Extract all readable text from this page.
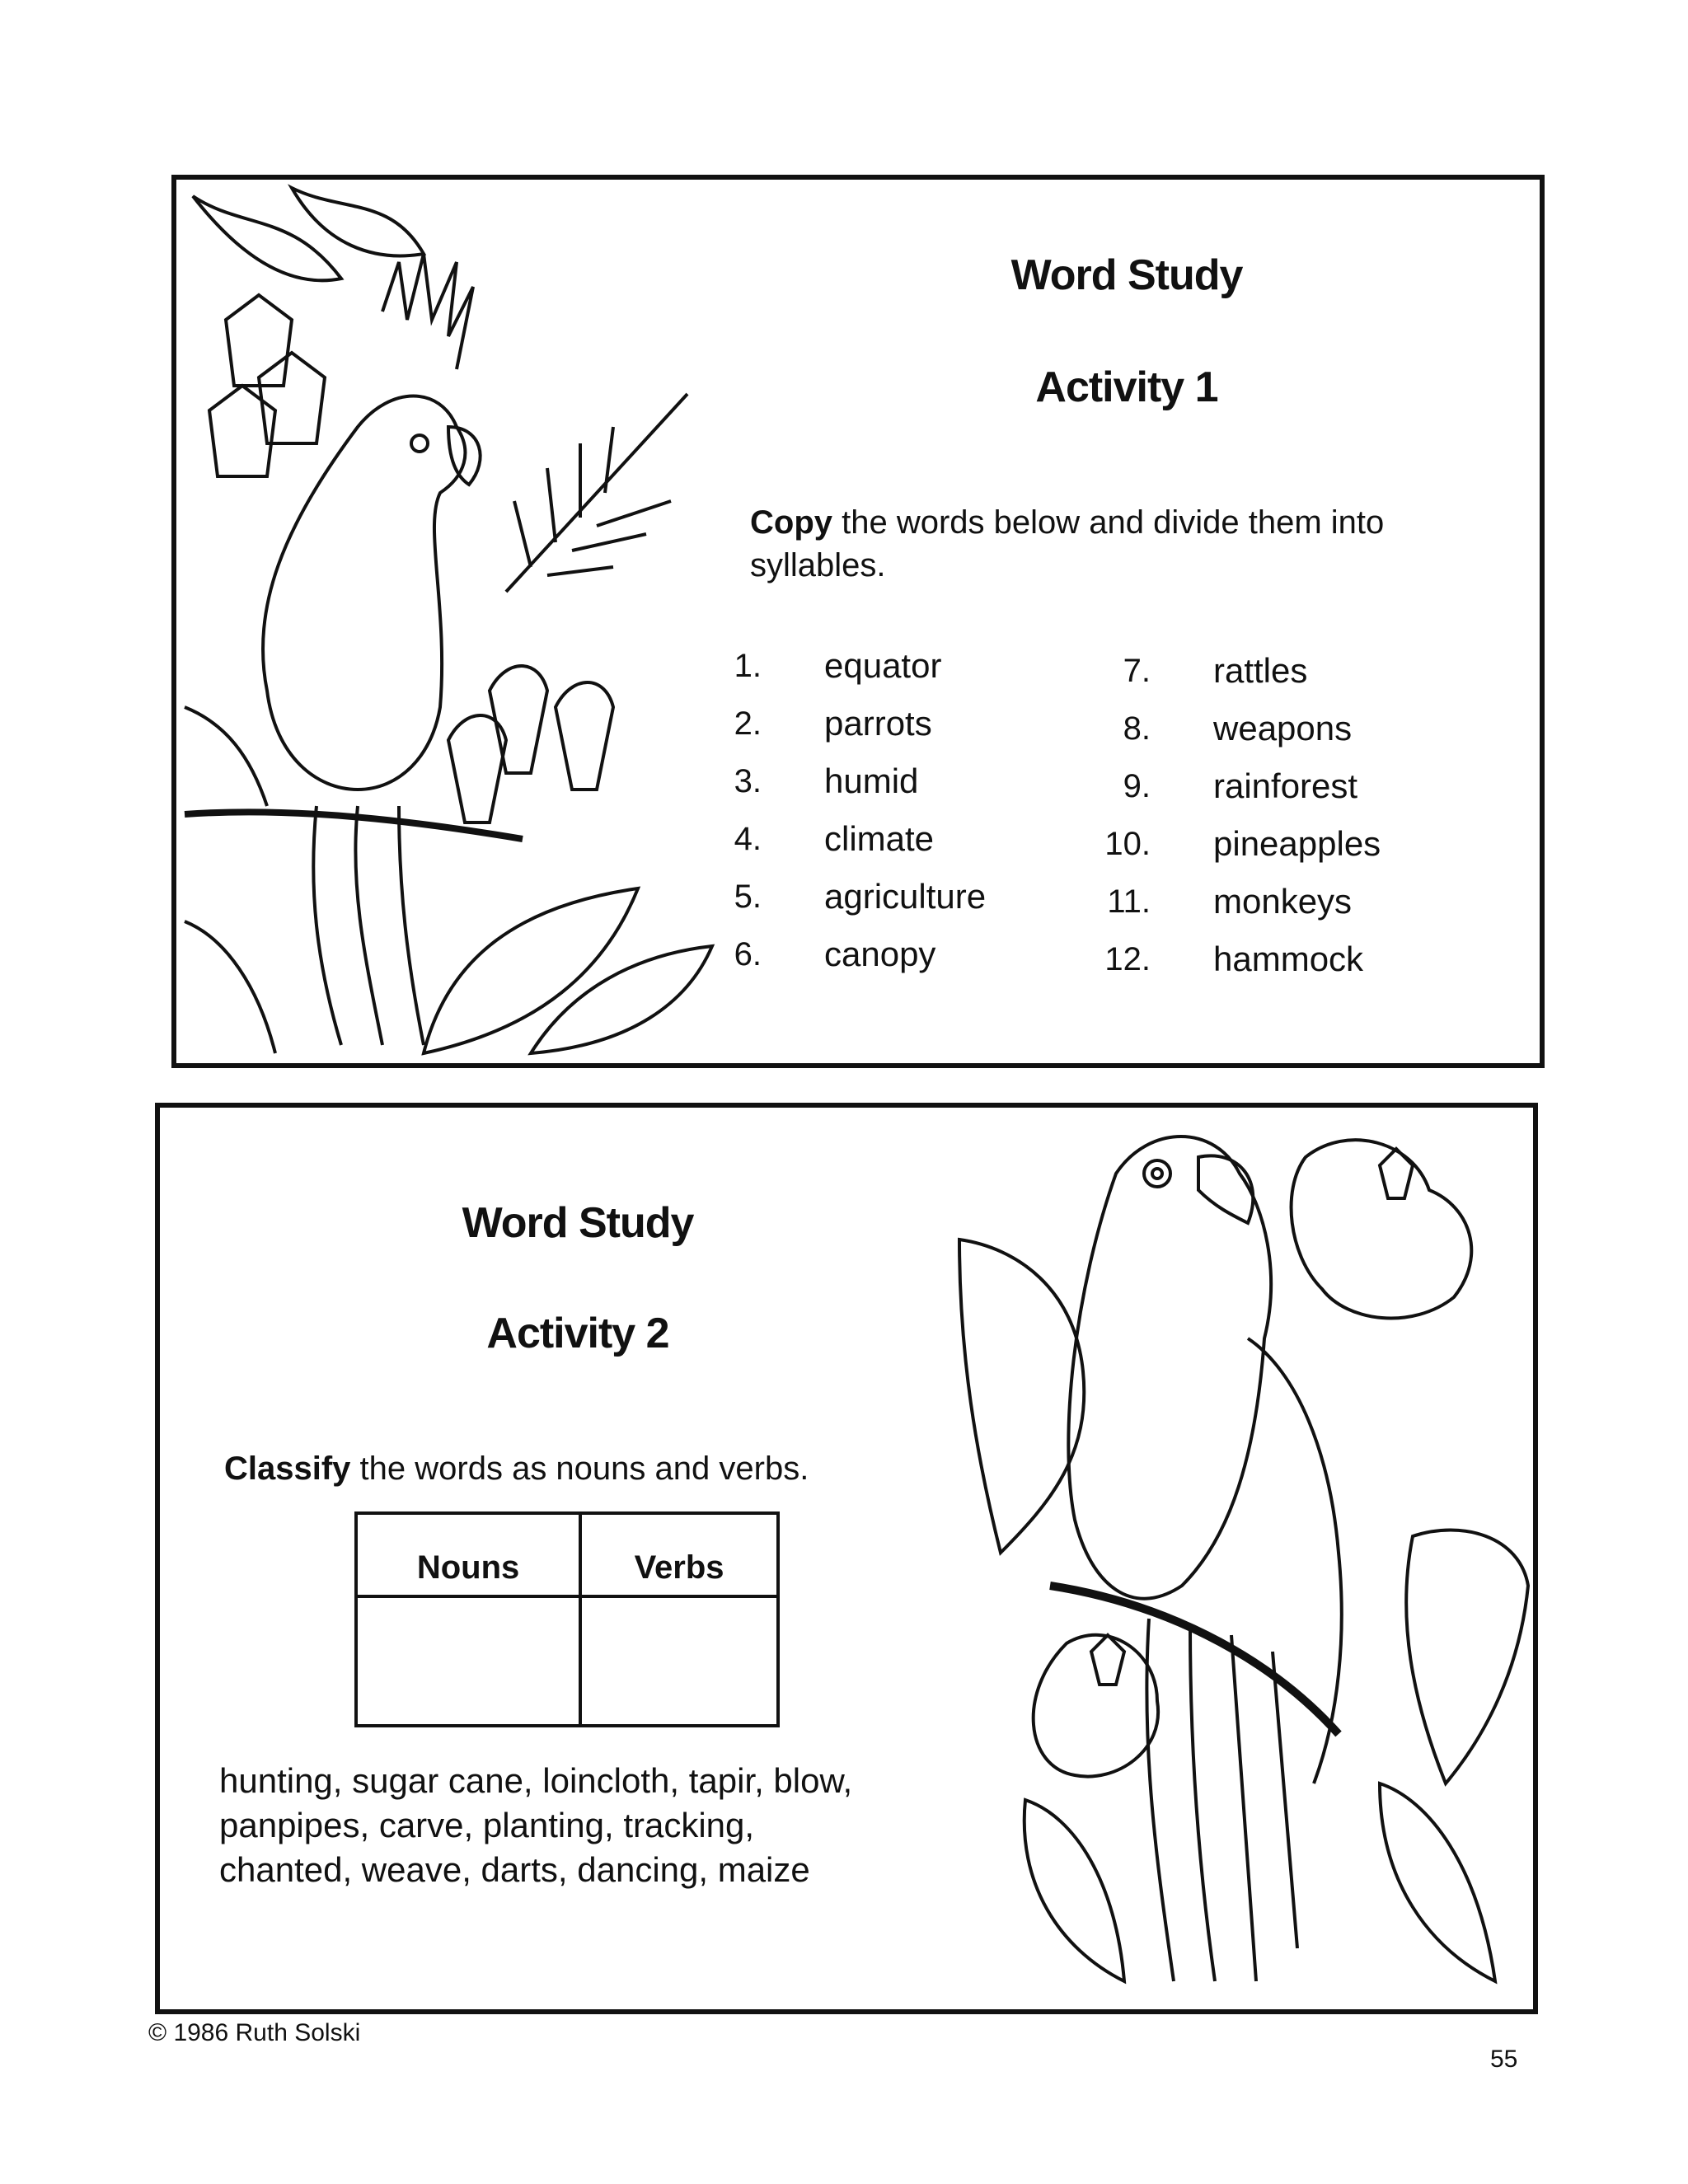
Word Study
Activity 1
Copy the words below and divide them into syllables.
1. equator
2. parrots
3. humid
4. climate
5. agriculture
6. canopy
7. rattles
8. weapons
9. rainforest
10. pineapples
11. monkeys
12. hammock
Word Study
Activity 2
Classify the words as nouns and verbs.
Nouns	Verbs

hunting, sugar cane, loincloth, tapir, blow, panpipes, carve, planting, tracking, chanted, weave, darts, dancing, maize
© 1986 Ruth Solski
55
